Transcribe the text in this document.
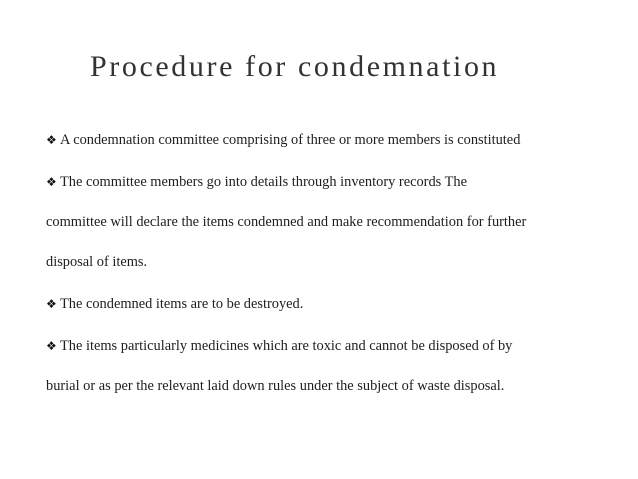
Procedure for condemnation

❖ A condemnation committee comprising of three or more members is constituted

❖ The committee members go into details through inventory records The
committee will declare the items condemned and make recommendation for further
disposal of items.

❖ The condemned items are to be destroyed.

❖ The items particularly medicines which are toxic and cannot be disposed of by
burial or as per the relevant laid down rules under the subject of waste disposal.
